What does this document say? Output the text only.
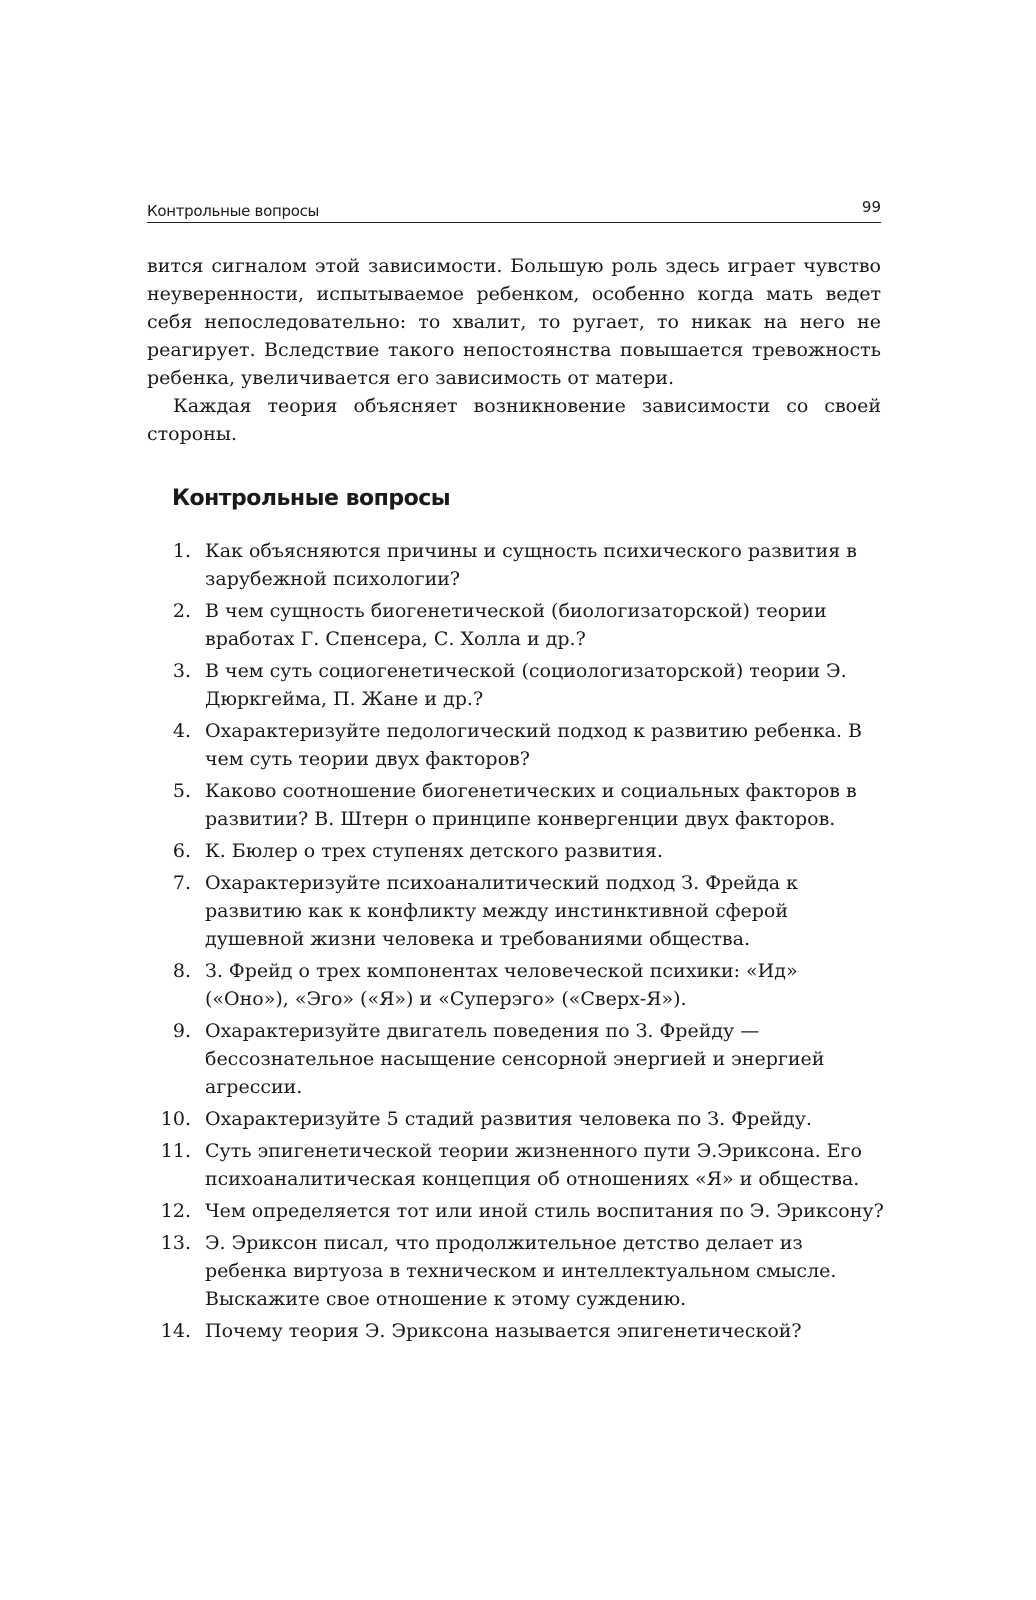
Контрольные вопросы	99

вится сигналом этой зависимости. Большую роль здесь играет чувство неуверенности, испытываемое ребенком, особенно когда мать ведет себя непоследовательно: то хвалит, то ругает, то никак на него не реагирует. Вследствие такого непостоянства повышается тревожность ребенка, увеличивается его зависимость от матери.

Каждая теория объясняет возникновение зависимости со своей стороны.

Контрольные вопросы
1. Как объясняются причины и сущность психического развития в зарубежной психологии?
2. В чем сущность биогенетической (биологизаторской) теории вработах Г. Спенсера, С. Холла и др.?
3. В чем суть социогенетической (социологизаторской) теории Э. Дюркгейма, П. Жане и др.?
4. Охарактеризуйте педологический подход к развитию ребенка. В чем суть теории двух факторов?
5. Каково соотношение биогенетических и социальных факторов в развитии? В. Штерн о принципе конвергенции двух факторов.
6. К. Бюлер о трех ступенях детского развития.
7. Охарактеризуйте психоаналитический подход З. Фрейда к развитию как к конфликту между инстинктивной сферой душевной жизни человека и требованиями общества.
8. З. Фрейд о трех компонентах человеческой психики: «Ид» («Оно»), «Эго» («Я») и «Суперэго» («Сверх-Я»).
9. Охарактеризуйте двигатель поведения по З. Фрейду — бессознательное насыщение сенсорной энергией и энергией агрессии.
10. Охарактеризуйте 5 стадий развития человека по З. Фрейду.
11. Суть эпигенетической теории жизненного пути Э.Эриксона. Его психоаналитическая концепция об отношениях «Я» и общества.
12. Чем определяется тот или иной стиль воспитания по Э. Эриксону?
13. Э. Эриксон писал, что продолжительное детство делает из ребенка виртуоза в техническом и интеллектуальном смысле. Выскажите свое отношение к этому суждению.
14. Почему теория Э. Эриксона называется эпигенетической?
